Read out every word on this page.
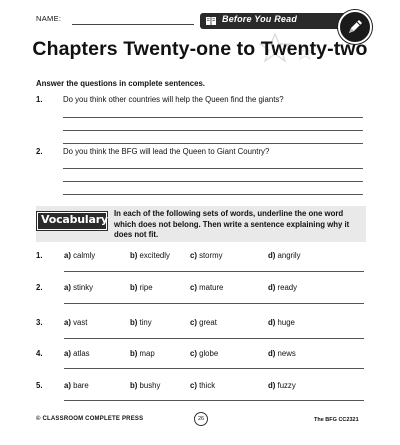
NAME:	Before You Read
Chapters Twenty-one to Twenty-two
Answer the questions in complete sentences.
1.	Do you think other countries will help the Queen find the giants?
2.	Do you think the BFG will lead the Queen to Giant Country?
Vocabulary In each of the following sets of words, underline the one word which does not belong. Then write a sentence explaining why it does not fit.
1.	a) calmly	b) excitedly	c) stormy	d) angrily
2.	a) stinky	b) ripe	c) mature	d) ready
3.	a) vast	b) tiny	c) great	d) huge
4.	a) atlas	b) map	c) globe	d) news
5.	a) bare	b) bushy	c) thick	d) fuzzy
© CLASSROOM COMPLETE PRESS	26	The BFG CC2321
